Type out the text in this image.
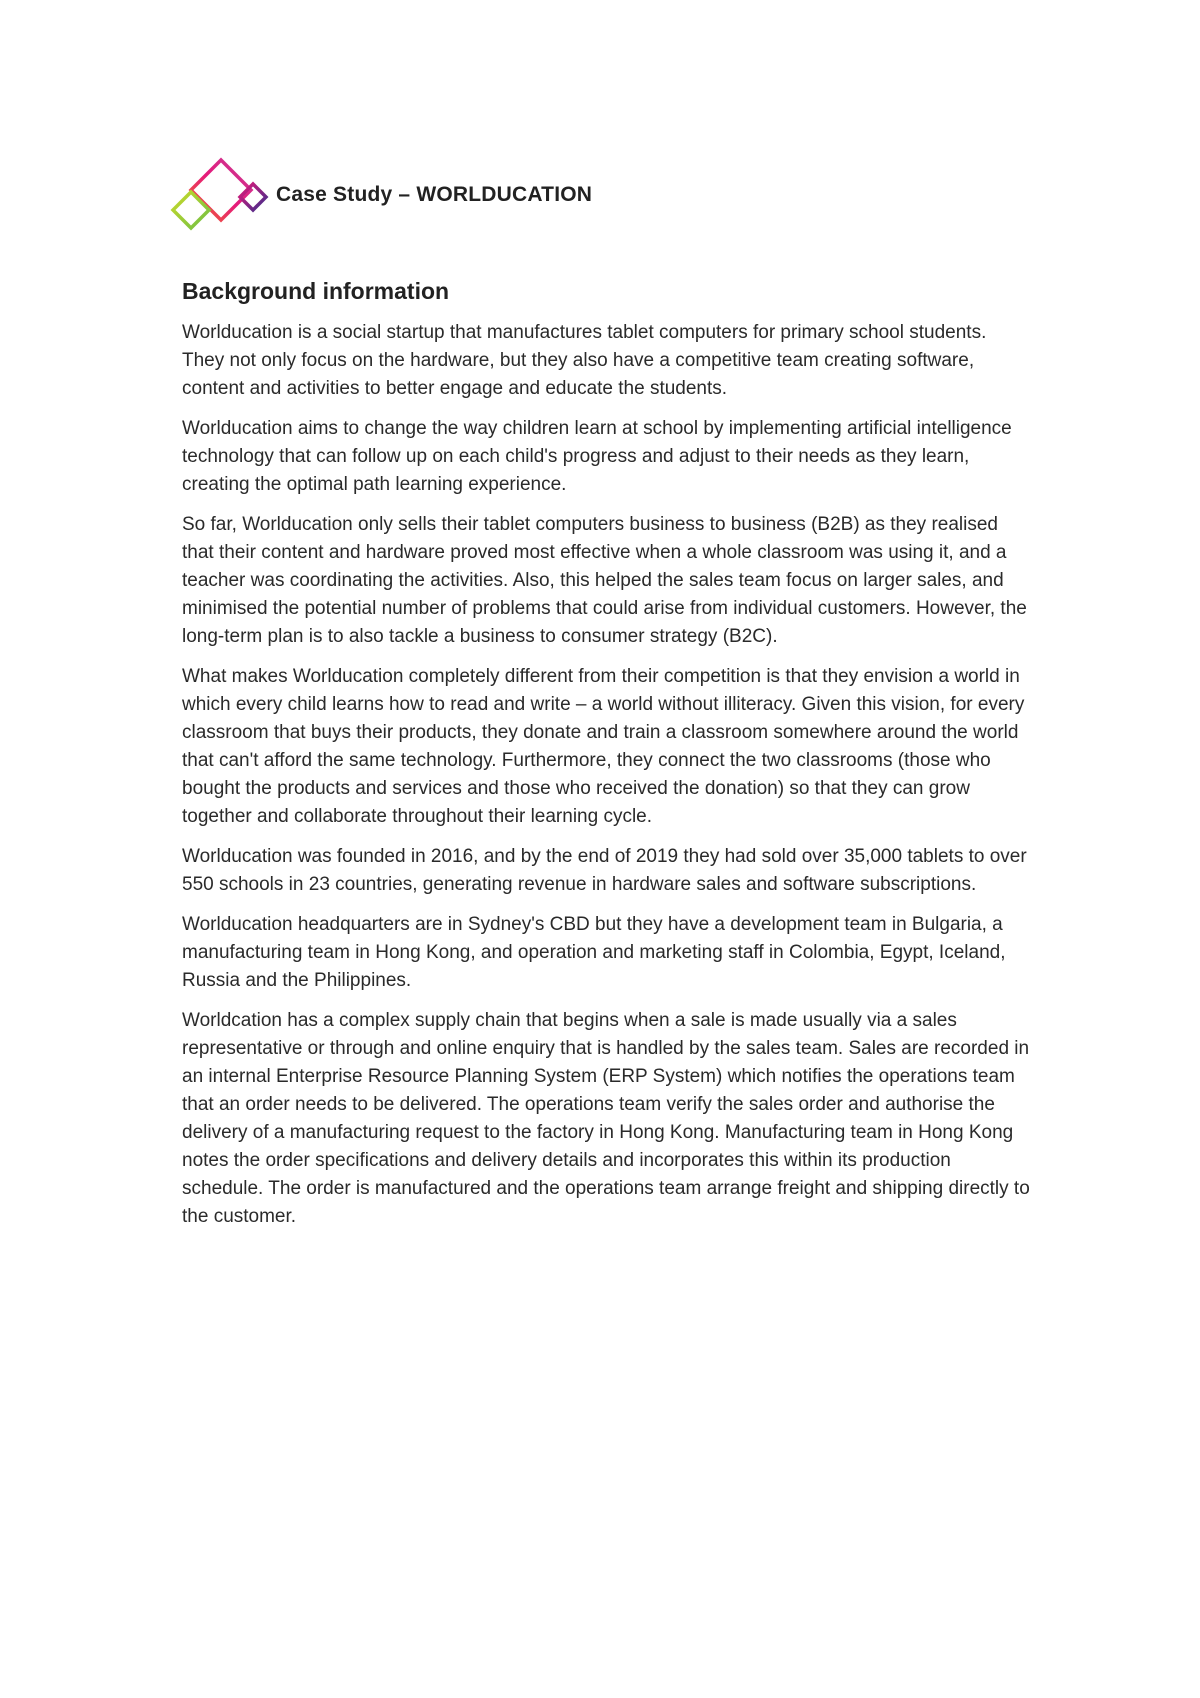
Case Study – WORLDUCATION
Background information

Worlducation is a social startup that manufactures tablet computers for primary school students. They not only focus on the hardware, but they also have a competitive team creating software, content and activities to better engage and educate the students.

Worlducation aims to change the way children learn at school by implementing artificial intelligence technology that can follow up on each child's progress and adjust to their needs as they learn, creating the optimal path learning experience.

So far, Worlducation only sells their tablet computers business to business (B2B) as they realised that their content and hardware proved most effective when a whole classroom was using it, and a teacher was coordinating the activities. Also, this helped the sales team focus on larger sales, and minimised the potential number of problems that could arise from individual customers. However, the long-term plan is to also tackle a business to consumer strategy (B2C).

What makes Worlducation completely different from their competition is that they envision a world in which every child learns how to read and write – a world without illiteracy. Given this vision, for every classroom that buys their products, they donate and train a classroom somewhere around the world that can't afford the same technology. Furthermore, they connect the two classrooms (those who bought the products and services and those who received the donation) so that they can grow together and collaborate throughout their learning cycle.

Worlducation was founded in 2016, and by the end of 2019 they had sold over 35,000 tablets to over 550 schools in 23 countries, generating revenue in hardware sales and software subscriptions.

Worlducation headquarters are in Sydney's CBD but they have a development team in Bulgaria, a manufacturing team in Hong Kong, and operation and marketing staff in Colombia, Egypt, Iceland, Russia and the Philippines.

Worldcation has a complex supply chain that begins when a sale is made usually via a sales representative or through and online enquiry that is handled by the sales team. Sales are recorded in an internal Enterprise Resource Planning System (ERP System) which notifies the operations team that an order needs to be delivered. The operations team verify the sales order and authorise the delivery of a manufacturing request to the factory in Hong Kong. Manufacturing team in Hong Kong notes the order specifications and delivery details and incorporates this within its production schedule. The order is manufactured and the operations team arrange freight and shipping directly to the customer.
